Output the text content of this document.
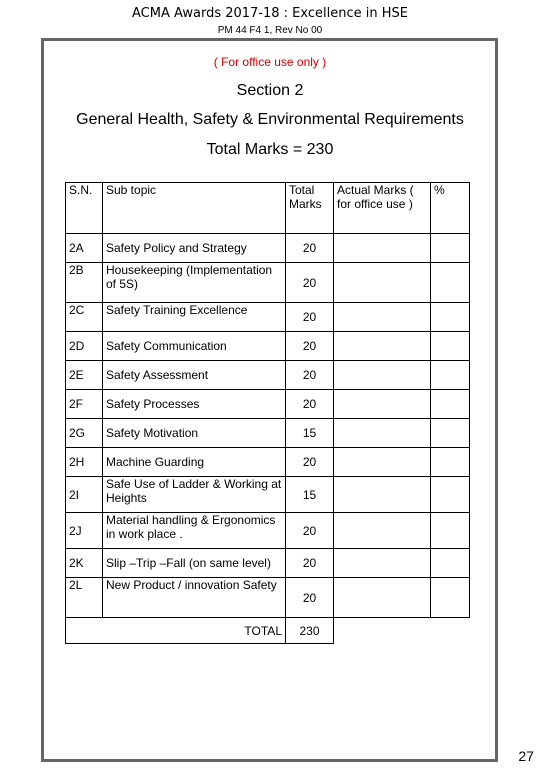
ACMA Awards 2017-18 : Excellence in HSE
PM 44 F4 1, Rev No 00
( For office use only )
Section 2
General Health, Safety & Environmental Requirements
Total Marks = 230
S.N.	Sub topic	Total Marks	Actual Marks ( for office use )	%
2A	Safety Policy and Strategy	20		
2B	Housekeeping (Implementation of 5S)	20		
2C	Safety Training Excellence	20		
2D	Safety Communication	20		
2E	Safety Assessment	20		
2F	Safety Processes	20		
2G	Safety Motivation	15		
2H	Machine Guarding	20		
2I	Safe Use of Ladder & Working at Heights	15		
2J	Material handling & Ergonomics in work place .	20		
2K	Slip –Trip –Fall (on same level)	20		
2L	New Product / innovation Safety	20		
TOTAL		230		
27
